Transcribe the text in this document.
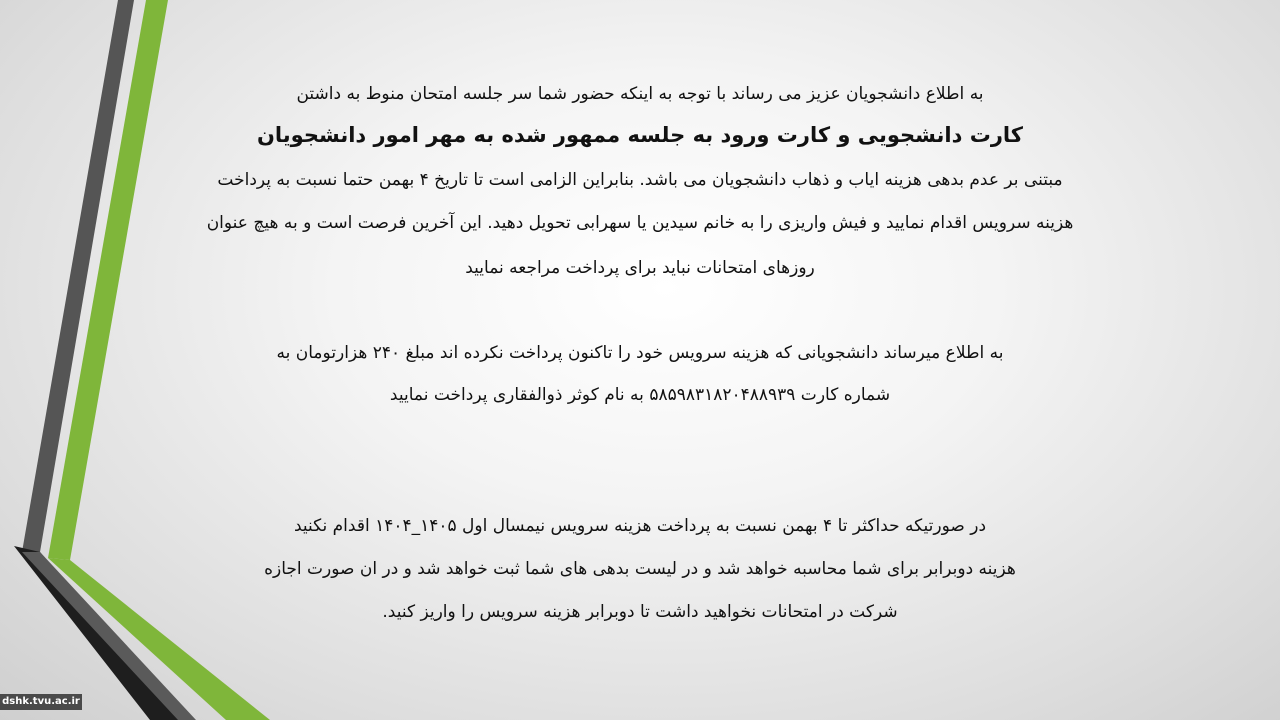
به اطلاع دانشجویان عزیز می رساند با توجه به اینکه حضور شما سر جلسه امتحان منوط به داشتن
کارت دانشجویی و کارت ورود به جلسه ممهور شده به مهر امور دانشجویان
مبتنی بر عدم بدهی هزینه ایاب و ذهاب دانشجویان می باشد. بنابراین الزامی است تا تاریخ ۴ بهمن حتما نسبت به پرداخت
هزینه سرویس اقدام نمایید و فیش واریزی را به خانم سیدین یا سهرابی تحویل دهید. این آخرین فرصت است و به هیچ عنوان
روزهای امتحانات نباید برای پرداخت مراجعه نمایید
به اطلاع میرساند دانشجویانی که هزینه سرویس خود را تاکنون پرداخت نکرده اند مبلغ ۲۴۰ هزارتومان به
شماره کارت ۵۸۵۹۸۳۱۸۲۰۴۸۸۹۳۹ به نام کوثر ذوالفقاری پرداخت نمایید
در صورتیکه حداکثر تا ۴ بهمن نسبت به پرداخت هزینه سرویس نیمسال اول ۱۴۰۵_۱۴۰۴ اقدام نکنید
هزینه دوبرابر برای شما محاسبه خواهد شد و در لیست بدهی های شما ثبت خواهد شد و در ان صورت اجازه
شرکت در امتحانات نخواهید داشت تا دوبرابر هزینه سرویس را واریز کنید.
dshk.tvu.ac.ir
